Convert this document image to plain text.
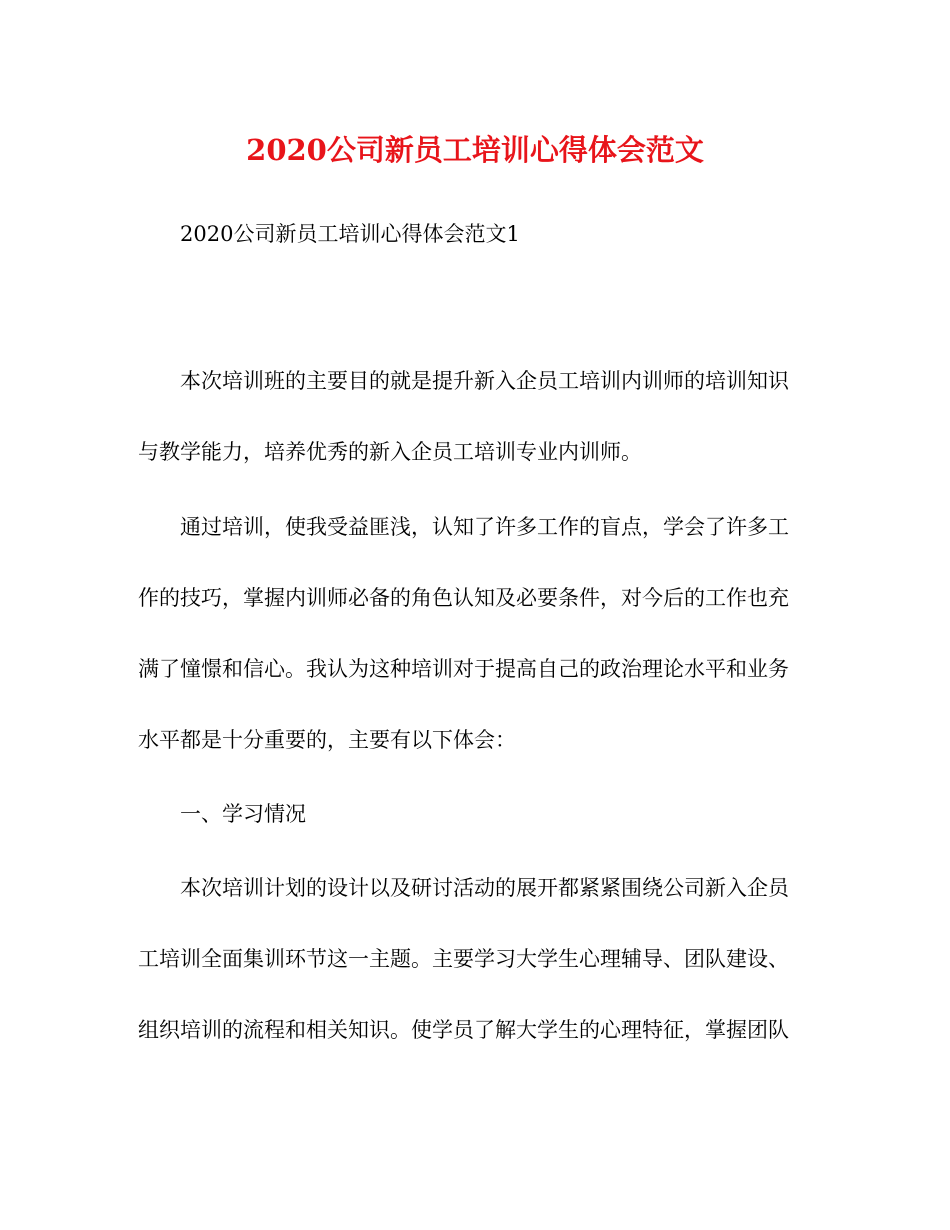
2020公司新员工培训心得体会范文
2020公司新员工培训心得体会范文1
本次培训班的主要目的就是提升新入企员工培训内训师的培训知识
与教学能力，培养优秀的新入企员工培训专业内训师。
通过培训，使我受益匪浅，认知了许多工作的盲点，学会了许多工
作的技巧，掌握内训师必备的角色认知及必要条件，对今后的工作也充
满了憧憬和信心。我认为这种培训对于提高自己的政治理论水平和业务
水平都是十分重要的，主要有以下体会：
一、学习情况
本次培训计划的设计以及研讨活动的展开都紧紧围绕公司新入企员
工培训全面集训环节这一主题。主要学习大学生心理辅导、团队建设、
组织培训的流程和相关知识。使学员了解大学生的心理特征，掌握团队
